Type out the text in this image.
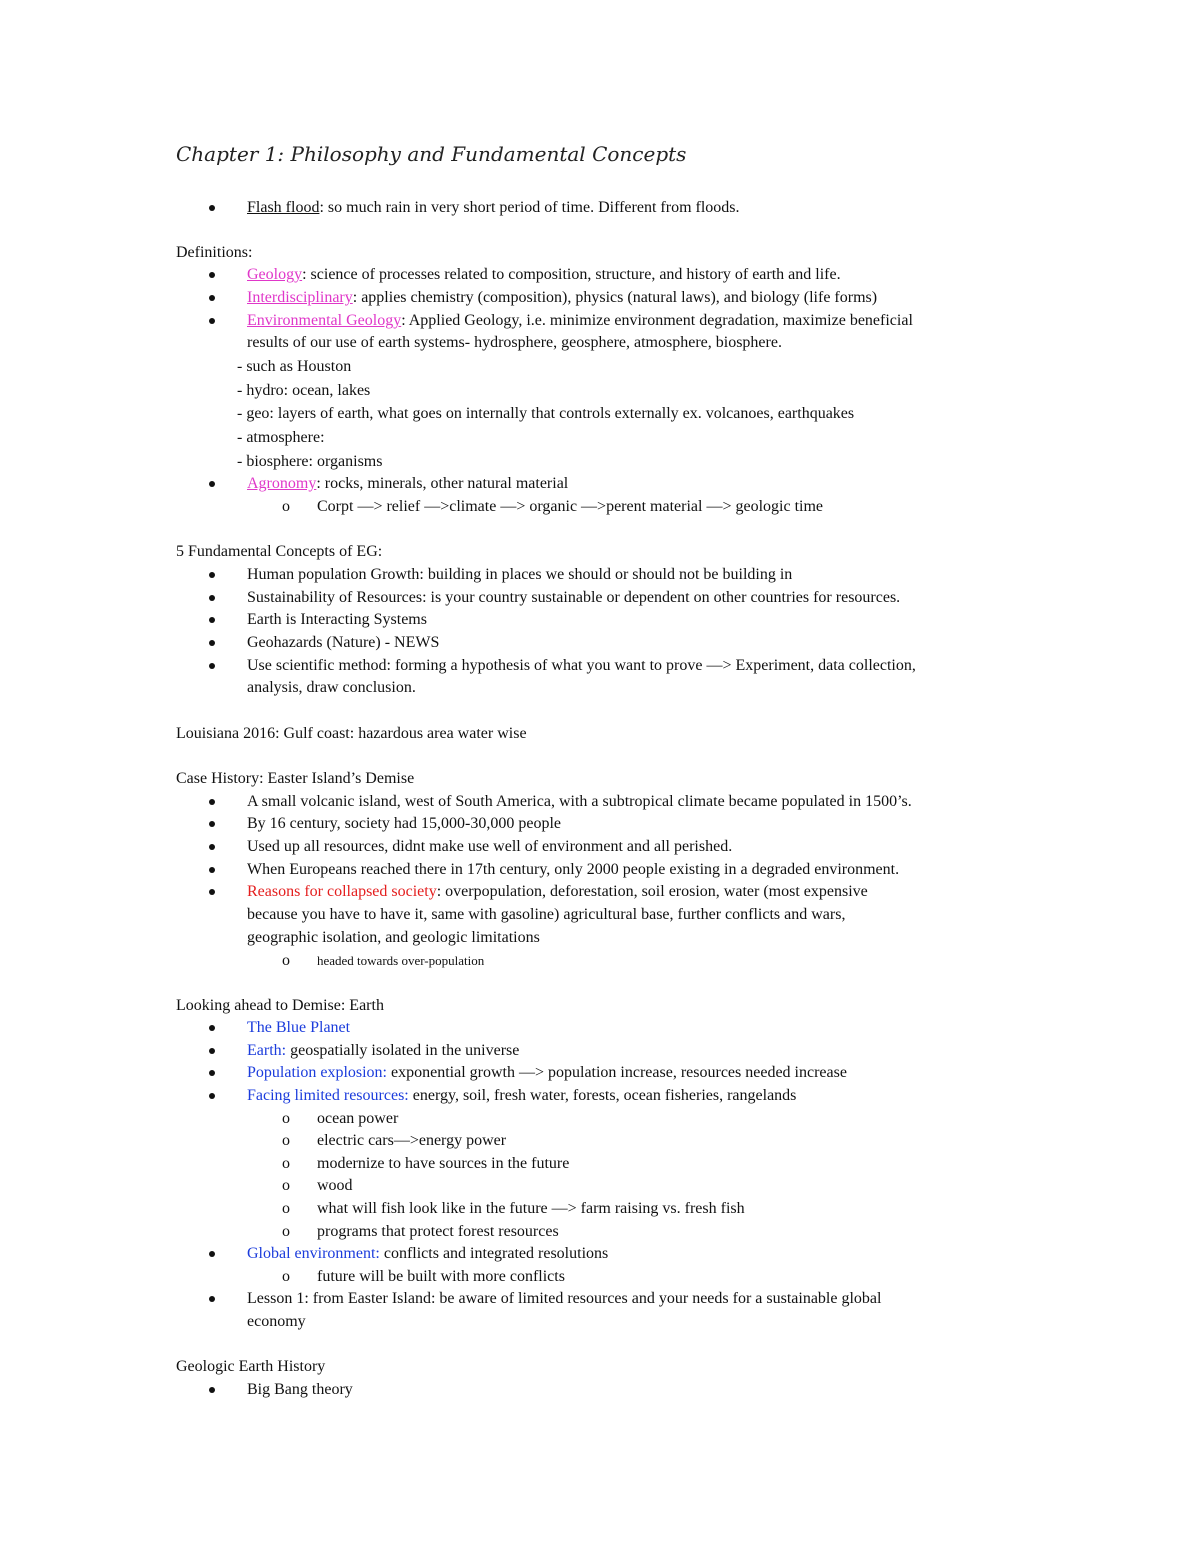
Chapter 1: Philosophy and Fundamental Concepts
Flash flood: so much rain in very short period of time. Different from floods.
Definitions:
Geology: science of processes related to composition, structure, and history of earth and life.
Interdisciplinary: applies chemistry (composition), physics (natural laws), and biology (life forms)
Environmental Geology: Applied Geology, i.e. minimize environment degradation, maximize beneficial
results of our use of earth systems- hydrosphere, geosphere, atmosphere, biosphere.
- such as Houston
- hydro: ocean, lakes
- geo: layers of earth, what goes on internally that controls externally ex. volcanoes, earthquakes
- atmosphere:
- biosphere: organisms
Agronomy: rocks, minerals, other natural material
o	Corpt —> relief —>climate —> organic —>perent material —> geologic time
5 Fundamental Concepts of EG:
Human population Growth: building in places we should or should not be building in
Sustainability of Resources: is your country sustainable or dependent on other countries for resources.
Earth is Interacting Systems
Geohazards (Nature) - NEWS
Use scientific method: forming a hypothesis of what you want to prove —> Experiment, data collection,
analysis, draw conclusion.
Louisiana 2016: Gulf coast: hazardous area water wise
Case History: Easter Island’s Demise
A small volcanic island, west of South America, with a subtropical climate became populated in 1500’s.
By 16 century, society had 15,000-30,000 people
Used up all resources, didnt make use well of environment and all perished.
When Europeans reached there in 17th century, only 2000 people existing in a degraded environment.
Reasons for collapsed society: overpopulation, deforestation, soil erosion, water (most expensive
because you have to have it, same with gasoline) agricultural base, further conflicts and wars,
geographic isolation, and geologic limitations
o	headed towards over-population
Looking ahead to Demise: Earth
The Blue Planet
Earth: geospatially isolated in the universe
Population explosion: exponential growth —> population increase, resources needed increase
Facing limited resources: energy, soil, fresh water, forests, ocean fisheries, rangelands
o	ocean power
o	electric cars—>energy power
o	modernize to have sources in the future
o	wood
o	what will fish look like in the future —> farm raising vs. fresh fish
o	programs that protect forest resources
Global environment: conflicts and integrated resolutions
o	future will be built with more conflicts
Lesson 1: from Easter Island: be aware of limited resources and your needs for a sustainable global
economy
Geologic Earth History
Big Bang theory
